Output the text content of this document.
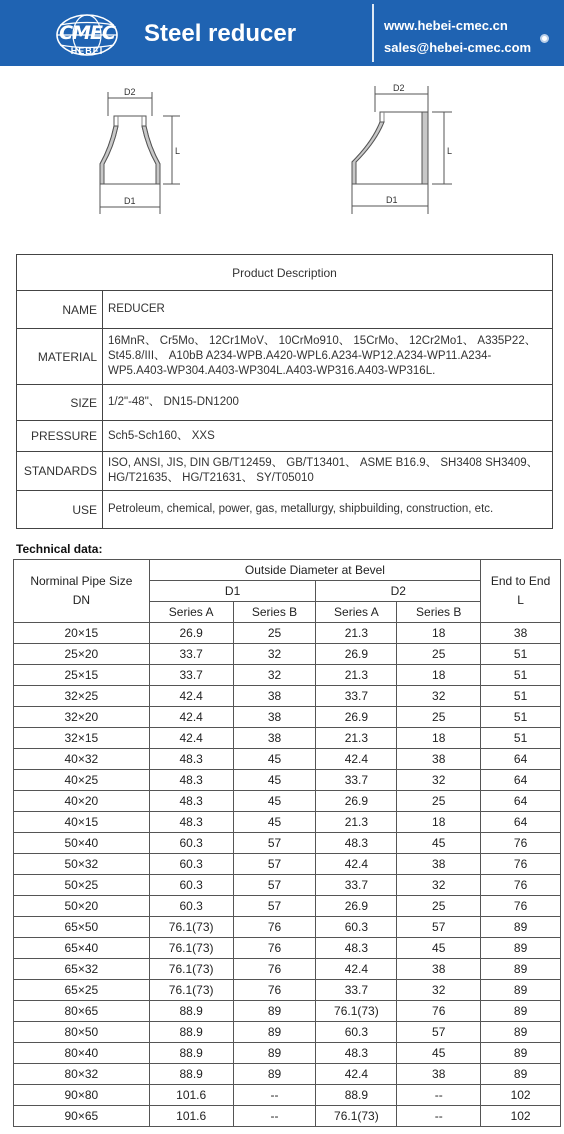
CMEC
HEBEI
Steel reducer	www.hebei-cmec.cn
sales@hebei-cmec.com
D2
D1
L
D2
D1
L
Product Description	
NAME	REDUCER
MATERIAL	16MnR、 Cr5Mo、 12Cr1MoV、 10CrMo910、 15CrMo、 12Cr2Mo1、 A335P22、 St45.8/III、 A10bB A234-WPB.A420-WPL6.A234-WP12.A234-WP11.A234-WP5.A403-WP304.A403-WP304L.A403-WP316.A403-WP316L.
SIZE	1/2"-48"、 DN15-DN1200
PRESSURE	Sch5-Sch160、 XXS
STANDARDS	ISO, ANSI, JIS, DIN GB/T12459、 GB/T13401、 ASME B16.9、 SH3408 SH3409、 HG/T21635、 HG/T21631、 SY/T05010
USE	Petroleum, chemical, power, gas, metallurgy, shipbuilding, construction, etc.
Technical data:
Norminal Pipe Size
DN	Outside Diameter at Bevel				End to End
L
	D1		D2		
	Series A	Series B	Series A	Series B	
20×15	26.9	25	21.3	18	38
25×20	33.7	32	26.9	25	51
25×15	33.7	32	21.3	18	51
32×25	42.4	38	33.7	32	51
32×20	42.4	38	26.9	25	51
32×15	42.4	38	21.3	18	51
40×32	48.3	45	42.4	38	64
40×25	48.3	45	33.7	32	64
40×20	48.3	45	26.9	25	64
40×15	48.3	45	21.3	18	64
50×40	60.3	57	48.3	45	76
50×32	60.3	57	42.4	38	76
50×25	60.3	57	33.7	32	76
50×20	60.3	57	26.9	25	76
65×50	76.1(73)	76	60.3	57	89
65×40	76.1(73)	76	48.3	45	89
65×32	76.1(73)	76	42.4	38	89
65×25	76.1(73)	76	33.7	32	89
80×65	88.9	89	76.1(73)	76	89
80×50	88.9	89	60.3	57	89
80×40	88.9	89	48.3	45	89
80×32	88.9	89	42.4	38	89
90×80	101.6	--	88.9	--	102
90×65	101.6	--	76.1(73)	--	102
